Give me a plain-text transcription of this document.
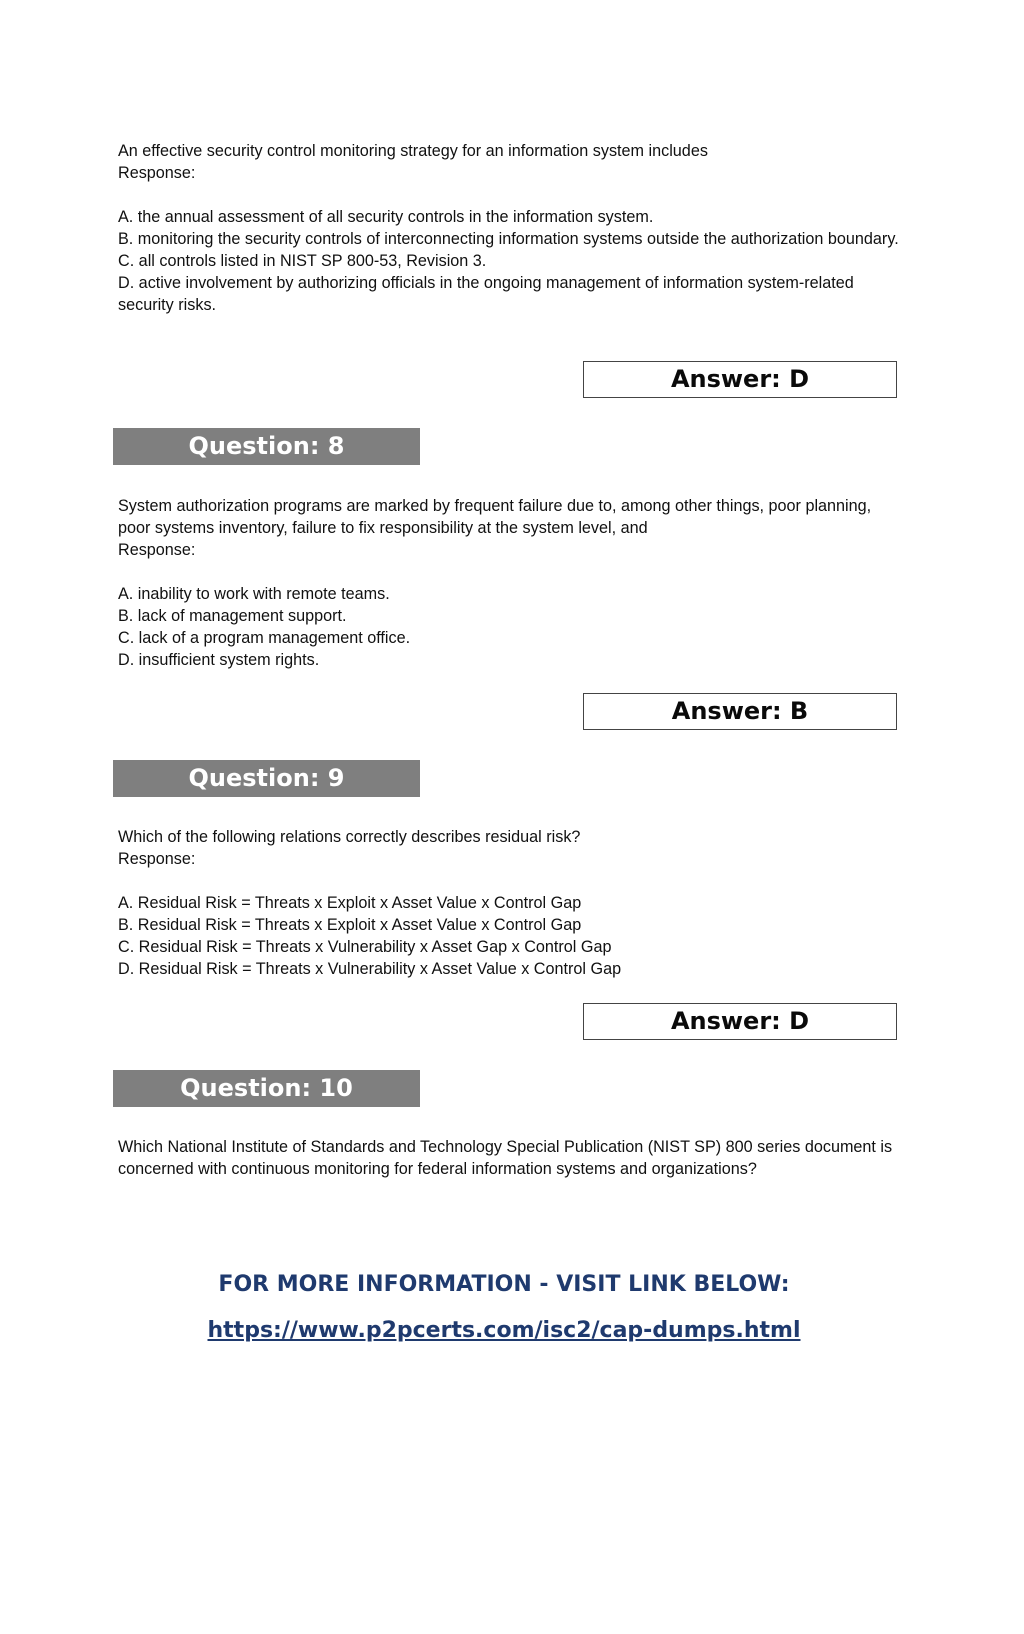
An effective security control monitoring strategy for an information system includes

Response:

A. the annual assessment of all security controls in the information system.

B. monitoring the security controls of interconnecting information systems outside the authorization boundary.

C. all controls listed in NIST SP 800-53, Revision 3.

D. active involvement by authorizing officials in the ongoing management of information system-related security risks.

Answer: D
Question: 8

System authorization programs are marked by frequent failure due to, among other things, poor planning, poor systems inventory, failure to fix responsibility at the system level, and

Response:

A. inability to work with remote teams.

B. lack of management support.

C. lack of a program management office.

D. insufficient system rights.

Answer: B
Question: 9

Which of the following relations correctly describes residual risk?

Response:

A. Residual Risk = Threats x Exploit x Asset Value x Control Gap

B. Residual Risk = Threats x Exploit x Asset Value x Control Gap

C. Residual Risk = Threats x Vulnerability x Asset Gap x Control Gap

D. Residual Risk = Threats x Vulnerability x Asset Value x Control Gap

Answer: D
Question: 10

Which National Institute of Standards and Technology Special Publication (NIST SP) 800 series document is concerned with continuous monitoring for federal information systems and organizations?

FOR MORE INFORMATION - VISIT LINK BELOW:
https://www.p2pcerts.com/isc2/cap-dumps.html
